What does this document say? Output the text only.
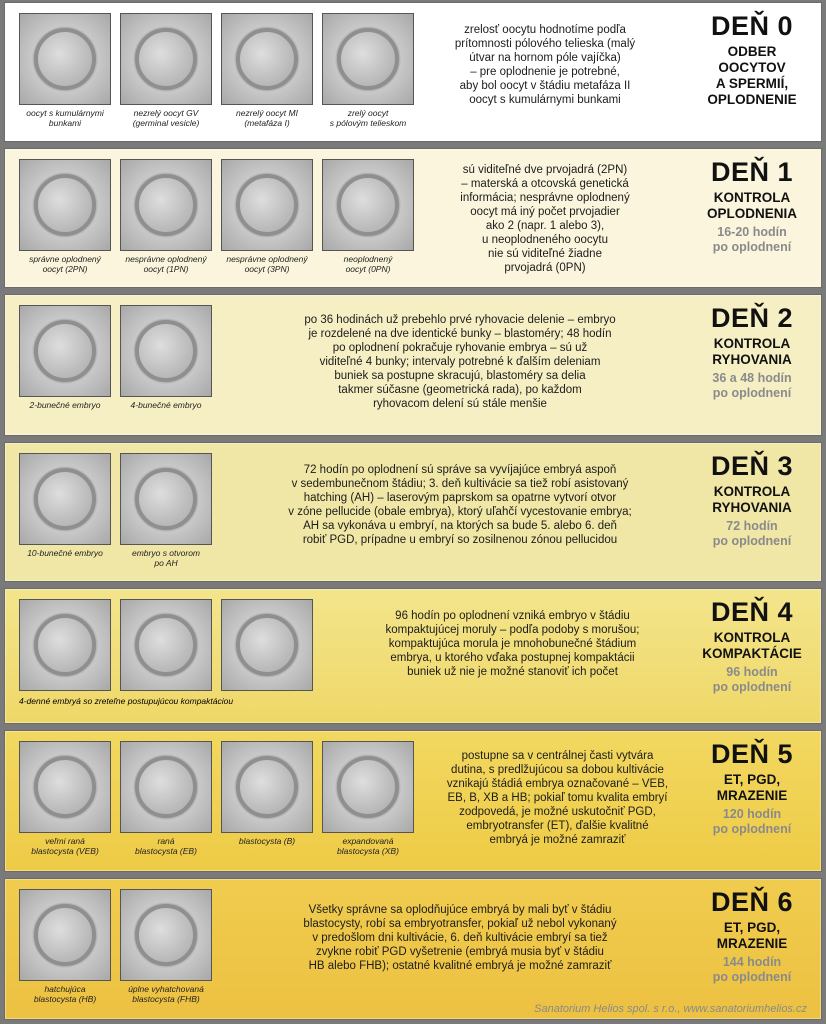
oocyt s kumulárnymi
bunkami
nezrelý oocyt GV
(germinal vesicle)
nezrelý oocyt MI
(metafáza I)
zrelý oocyt
s pólovým telieskom
zrelosť oocytu hodnotíme podľa
prítomnosti pólového telieska (malý
útvar na hornom póle vajíčka)
– pre oplodnenie je potrebné,
aby bol oocyt v štádiu metafáza II
oocyt s kumulárnymi bunkami
DEŇ 0
ODBER
OOCYTOV
A SPERMIÍ,
OPLODNENIE
správne oplodnený
oocyt (2PN)
nesprávne oplodnený
oocyt (1PN)
nesprávne oplodnený
oocyt (3PN)
neoplodnený
oocyt (0PN)
sú viditeľné dve prvojadrá (2PN)
– materská a otcovská genetická
informácia; nesprávne oplodnený
oocyt má iný počet prvojadier
ako 2 (napr. 1 alebo 3),
u neoplodneného oocytu
nie sú viditeľné žiadne
prvojadrá (0PN)
DEŇ 1
KONTROLA
OPLODNENIA
16-20 hodín
po oplodnení
2-bunečné embryo	4-bunečné embryo
po 36 hodinách už prebehlo prvé ryhovacie delenie – embryo
je rozdelené na dve identické bunky – blastoméry; 48 hodín
po oplodnení pokračuje ryhovanie embrya – sú už
viditeľné 4 bunky; intervaly potrebné k ďalším deleniam
buniek sa postupne skracujú, blastoméry sa delia
takmer súčasne (geometrická rada), po každom
ryhovacom delení sú stále menšie
DEŇ 2
KONTROLA
RYHOVANIA
36 a 48 hodín
po oplodnení
10-bunečné embryo	embryo s otvorom
po AH
72 hodín po oplodnení sú správe sa vyvíjajúce embryá aspoň
v sedembunečnom štádiu; 3. deň kultivácie sa tiež robí asistovaný
hatching (AH) – laserovým paprskom sa opatrne vytvorí otvor
v zóne pellucide (obale embrya), ktorý uľahčí vycestovanie embrya;
AH sa vykonáva u embryí, na ktorých sa bude 5. alebo 6. deň
robiť PGD, prípadne u embryí so zosilnenou zónou pellucidou
DEŇ 3
KONTROLA
RYHOVANIA
72 hodín
po oplodnení
4-denné embryá so zreteľne postupujúcou kompaktáciou
96 hodín po oplodnení vzniká embryo v štádiu
kompaktujúcej moruly – podľa podoby s morušou;
kompaktujúca morula je mnohobunečné štádium
embrya, u ktorého vďaka postupnej kompaktácii
buniek už nie je možné stanoviť ich počet
DEŇ 4
KONTROLA
KOMPAKTÁCIE
96 hodín
po oplodnení
veľmi raná
blastocysta (VEB)
raná
blastocysta (EB)
blastocysta (B)	expandovaná
blastocysta (XB)
postupne sa v centrálnej časti vytvára
dutina, s predlžujúcou sa dobou kultivácie
vznikajú štádiá embrya označované – VEB,
EB, B, XB a HB; pokiaľ tomu kvalita embryí
zodpovedá, je možné uskutočniť PGD,
embryotransfer (ET), ďalšie kvalitné
embryá je možné zamraziť
DEŇ 5
ET, PGD,
MRAZENIE
120 hodín
po oplodnení
hatchujúca
blastocysta (HB)
úplne vyhatchovaná
blastocysta (FHB)
Všetky správne sa oplodňujúce embryá by mali byť v štádiu
blastocysty, robí sa embryotransfer, pokiaľ už nebol vykonaný
v predošlom dni kultivácie, 6. deň kultivácie embryí sa tiež
zvykne robiť PGD vyšetrenie (embryá musia byť v štádiu
HB alebo FHB); ostatné kvalitné embryá je možné zamraziť
DEŇ 6
ET, PGD,
MRAZENIE
144 hodín
po oplodnení
Sanatorium Helios spol. s r.o., www.sanatoriumhelios.cz
